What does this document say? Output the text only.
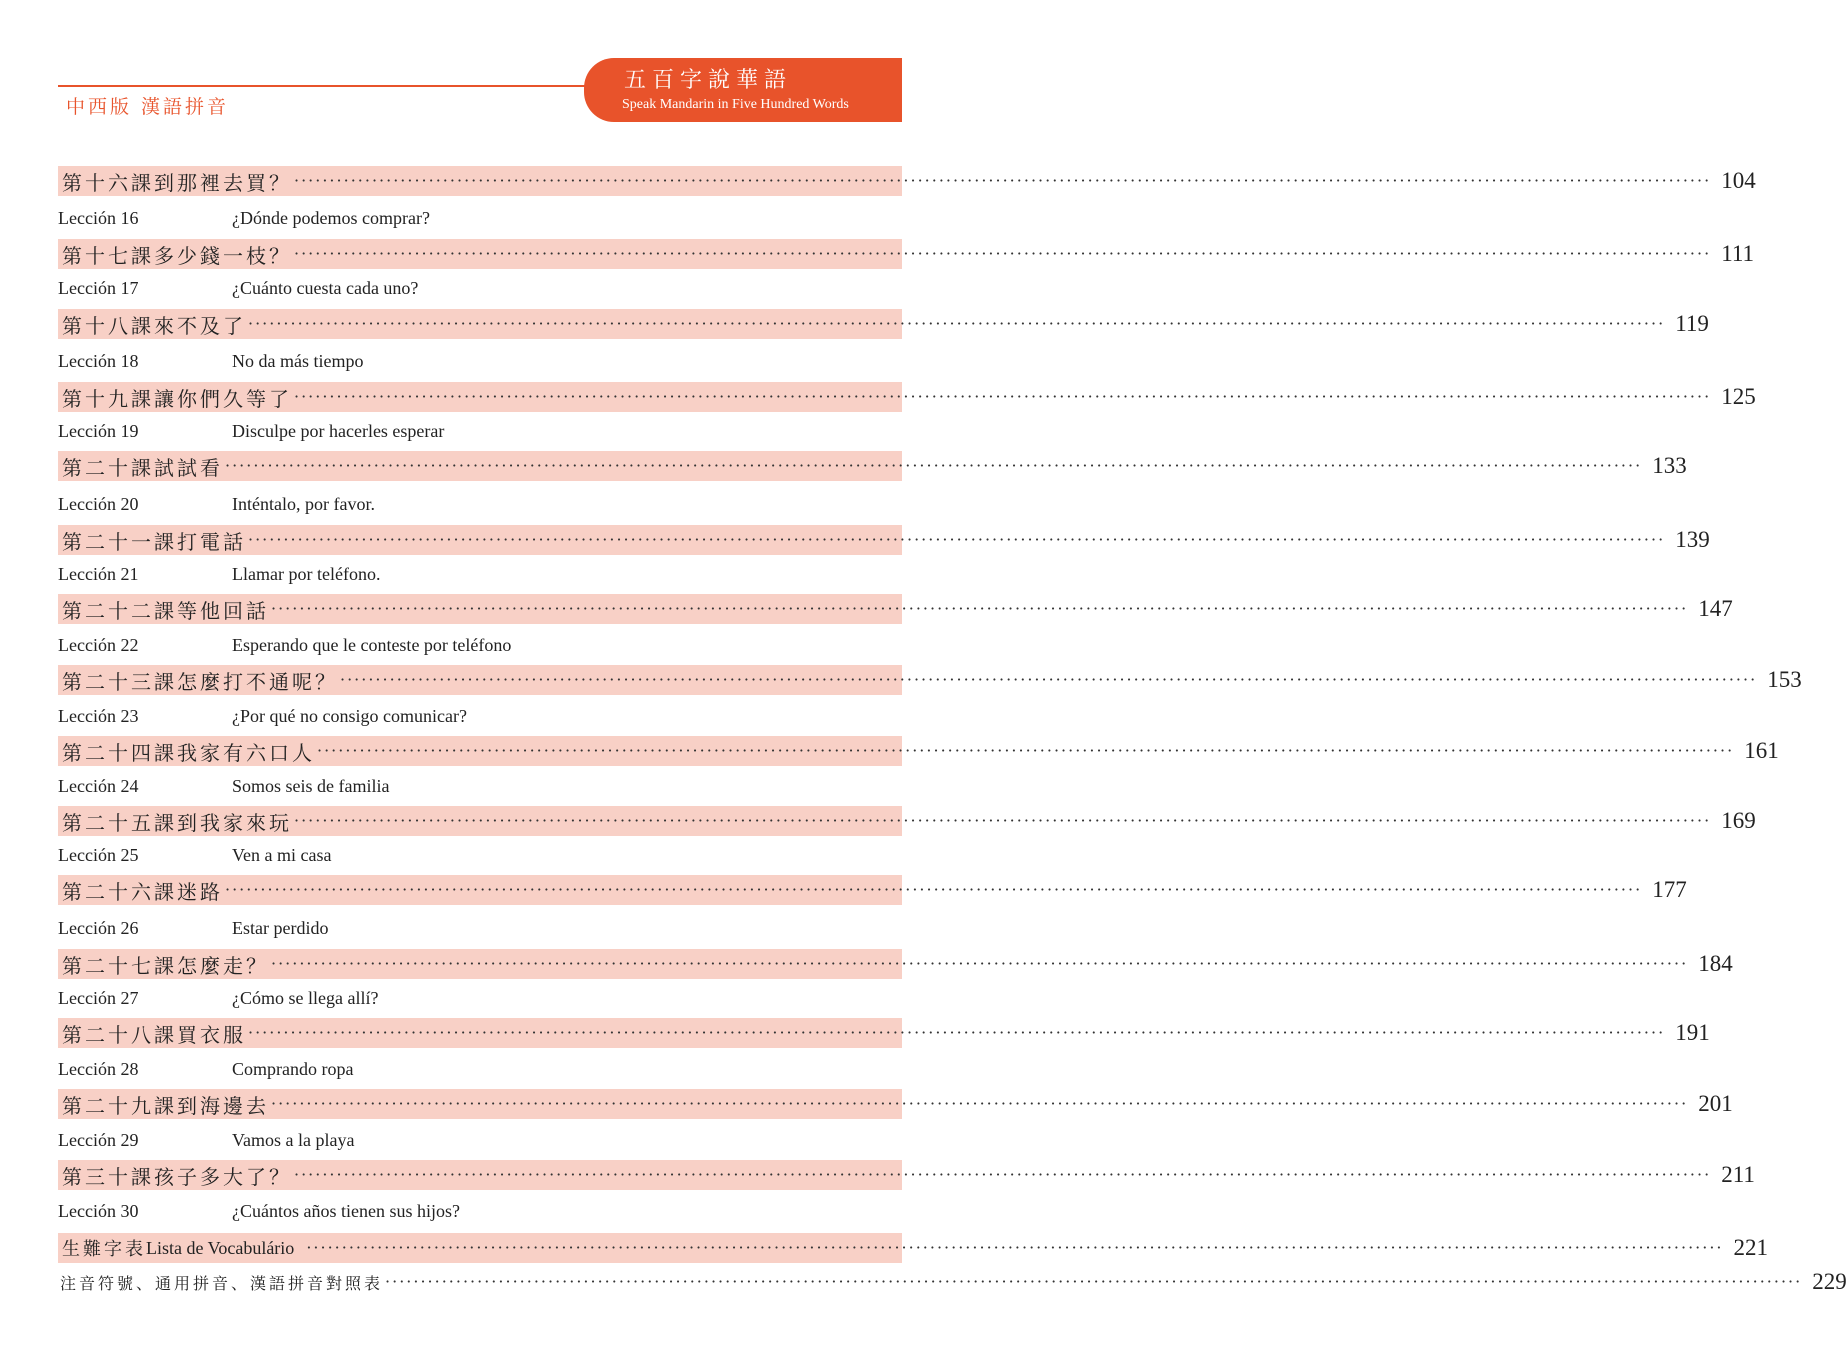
中西版 漢語拼音
五百字說華語
Speak Mandarin in Five Hundred Words
第十六課 到那裡去買？ ········································································································································································································ 104
Lección 16	¿Dónde podemos comprar?
第十七課 多少錢一枝？ ········································································································································································································ 111
Lección 17	¿Cuánto cuesta cada uno?
第十八課 來不及了 ········································································································································································································ 119
Lección 18	No da más tiempo
第十九課 讓你們久等了 ········································································································································································································ 125
Lección 19	Disculpe por hacerles esperar
第二十課 試試看 ········································································································································································································ 133
Lección 20	Inténtalo, por favor.
第二十一課 打電話 ········································································································································································································ 139
Lección 21	Llamar por teléfono.
第二十二課 等他回話 ········································································································································································································ 147
Lección 22	Esperando que le conteste por teléfono
第二十三課 怎麼打不通呢？ ········································································································································································································ 153
Lección 23	¿Por qué no consigo comunicar?
第二十四課 我家有六口人 ········································································································································································································ 161
Lección 24	Somos seis de familia
第二十五課 到我家來玩 ········································································································································································································ 169
Lección 25	Ven a mi casa
第二十六課 迷路 ········································································································································································································ 177
Lección 26	Estar perdido
第二十七課 怎麼走？ ········································································································································································································ 184
Lección 27	¿Cómo se llega allí?
第二十八課 買衣服 ········································································································································································································ 191
Lección 28	Comprando ropa
第二十九課 到海邊去 ········································································································································································································ 201
Lección 29	Vamos a la playa
第三十課 孩子多大了？ ········································································································································································································ 211
Lección 30	¿Cuántos años tienen sus hijos?
生難字表 Lista de Vocabulário ········································································································································································································ 221
注音符號、通用拼音、漢語拼音對照表 ········································································································································································································ 229
